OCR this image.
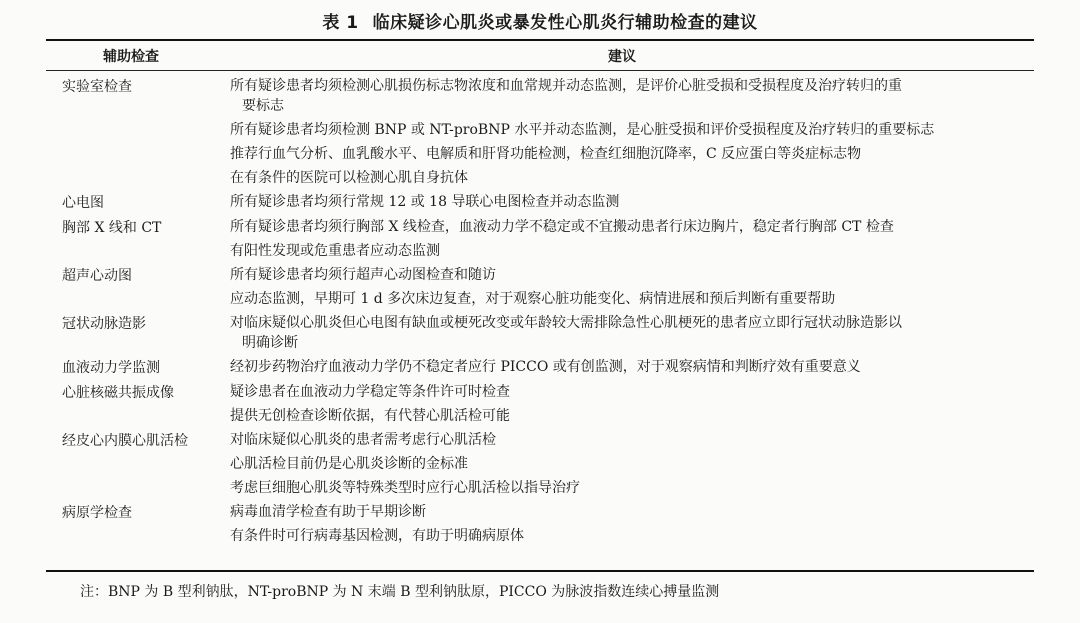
表 1 临床疑诊心肌炎或暴发性心肌炎行辅助检查的建议
辅助检查	建议
实验室检查	所有疑诊患者均须检测心肌损伤标志物浓度和血常规并动态监测，是评价心脏受损和受损程度及治疗转归的重
要标志
所有疑诊患者均须检测 BNP 或 NT-proBNP 水平并动态监测，是心脏受损和评价受损程度及治疗转归的重要标志
推荐行血气分析、血乳酸水平、电解质和肝肾功能检测，检查红细胞沉降率，C 反应蛋白等炎症标志物
在有条件的医院可以检测心肌自身抗体
心电图	所有疑诊患者均须行常规 12 或 18 导联心电图检查并动态监测
胸部 X 线和 CT	所有疑诊患者均须行胸部 X 线检查，血液动力学不稳定或不宜搬动患者行床边胸片，稳定者行胸部 CT 检查
有阳性发现或危重患者应动态监测
超声心动图	所有疑诊患者均须行超声心动图检查和随访
应动态监测，早期可 1 d 多次床边复查，对于观察心脏功能变化、病情进展和预后判断有重要帮助
冠状动脉造影	对临床疑似心肌炎但心电图有缺血或梗死改变或年龄较大需排除急性心肌梗死的患者应立即行冠状动脉造影以
明确诊断
血液动力学监测	经初步药物治疗血液动力学仍不稳定者应行 PICCO 或有创监测，对于观察病情和判断疗效有重要意义
心脏核磁共振成像	疑诊患者在血液动力学稳定等条件许可时检查
提供无创检查诊断依据，有代替心肌活检可能
经皮心内膜心肌活检	对临床疑似心肌炎的患者需考虑行心肌活检
心肌活检目前仍是心肌炎诊断的金标准
考虑巨细胞心肌炎等特殊类型时应行心肌活检以指导治疗
病原学检查	病毒血清学检查有助于早期诊断
有条件时可行病毒基因检测，有助于明确病原体
注：BNP 为 B 型利钠肽，NT-proBNP 为 N 末端 B 型利钠肽原，PICCO 为脉波指数连续心搏量监测
